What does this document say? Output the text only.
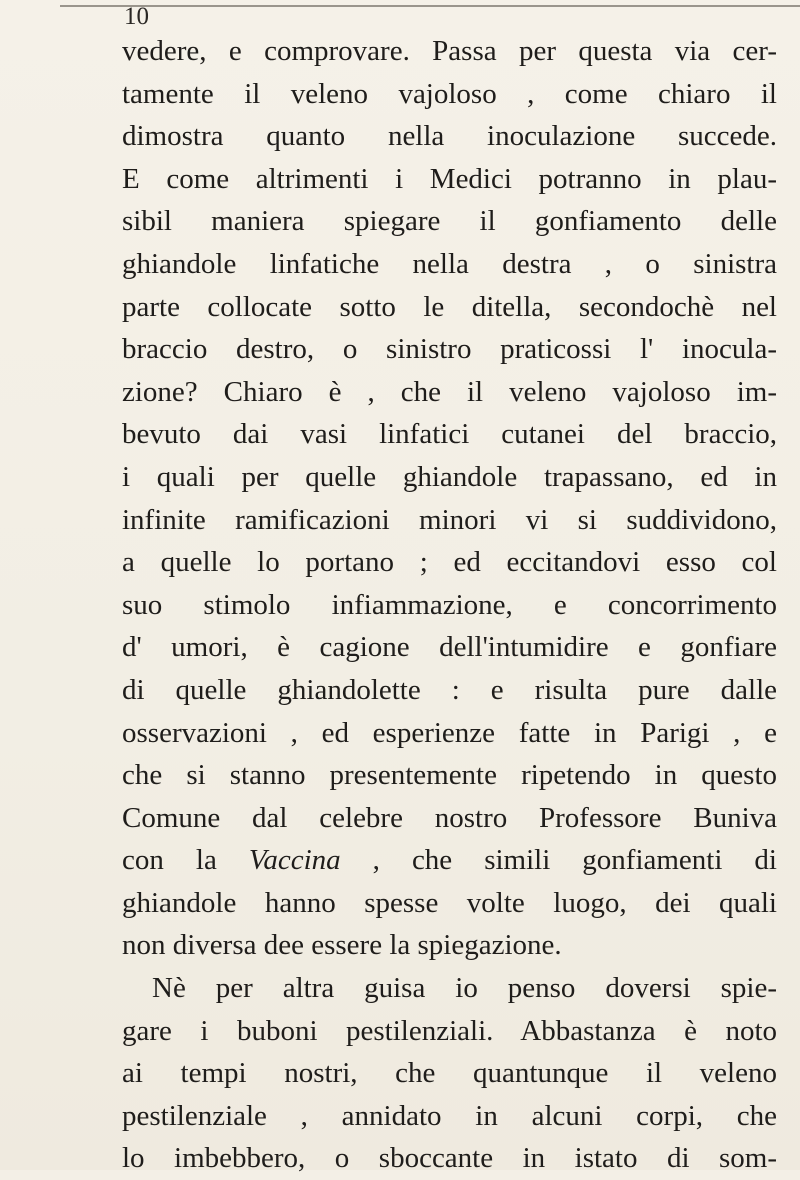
10
vedere, e comprovare. Passa per questa via cer-
tamente il veleno vajoloso , come chiaro il
dimostra quanto nella inoculazione succede.
E come altrimenti i Medici potranno in plau-
sibil maniera spiegare il gonfiamento delle
ghiandole linfatiche nella destra , o sinistra
parte collocate sotto le ditella, secondochè nel
braccio destro, o sinistro praticossi l' inocula-
zione? Chiaro è , che il veleno vajoloso im-
bevuto dai vasi linfatici cutanei del braccio,
i quali per quelle ghiandole trapassano, ed in
infinite ramificazioni minori vi si suddividono,
a quelle lo portano ; ed eccitandovi esso col
suo stimolo infiammazione, e concorrimento
d' umori, è cagione dell'intumidire e gonfiare
di quelle ghiandolette : e risulta pure dalle
osservazioni , ed esperienze fatte in Parigi , e
che si stanno presentemente ripetendo in questo
Comune dal celebre nostro Professore Buniva
con la Vaccina , che simili gonfiamenti di
ghiandole hanno spesse volte luogo, dei quali
non diversa dee essere la spiegazione.
Nè per altra guisa io penso doversi spie-
gare i buboni pestilenziali. Abbastanza è noto
ai tempi nostri, che quantunque il veleno
pestilenziale , annidato in alcuni corpi, che
lo imbebbero, o sboccante in istato di som-
